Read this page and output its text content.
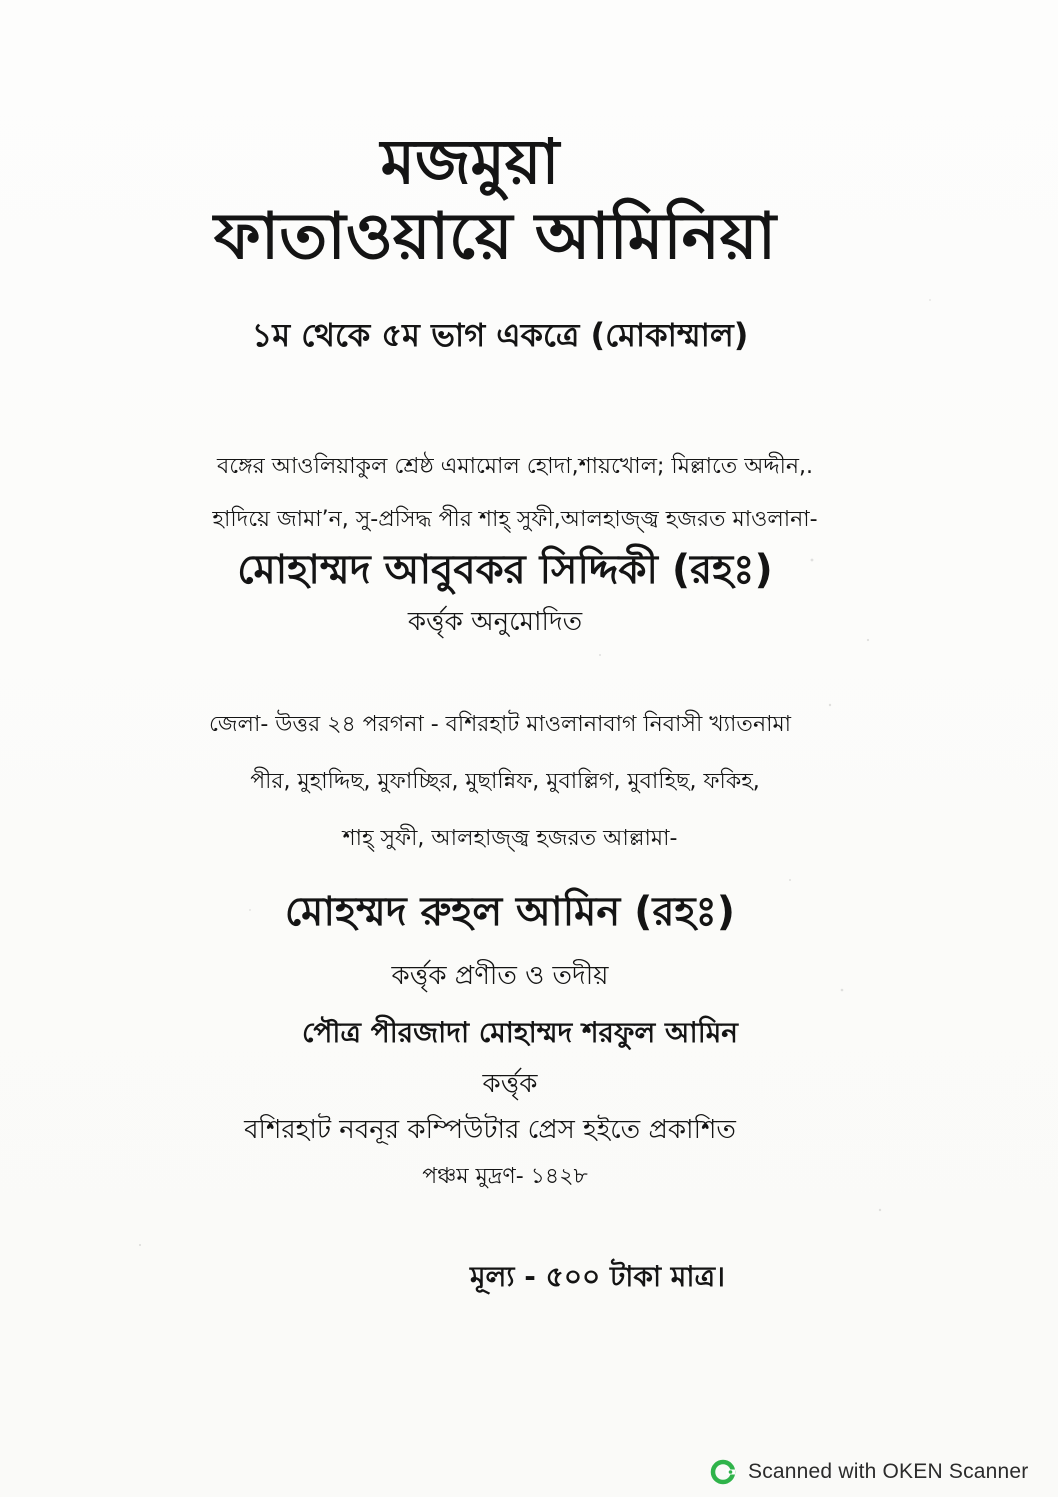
মজমুয়া
ফাতাওয়ায়ে আমিনিয়া
১ম থেকে ৫ম ভাগ একত্রে (মোকাম্মাল)
বঙ্গের আওলিয়াকুল শ্রেষ্ঠ এমামোল হোদা,শায়খোল; মিল্লাতে অদ্দীন,.
হাদিয়ে জামা’ন, সু-প্রসিদ্ধ পীর শাহ্ সুফী,আলহাজ্জ্ব হজরত মাওলানা-
মোহাম্মদ আবুবকর সিদ্দিকী (রহঃ)
কর্ত্তৃক অনুমোদিত
জেলা- উত্তর ২৪ পরগনা - বশিরহাট মাওলানাবাগ নিবাসী খ্যাতনামা
পীর, মুহাদ্দিছ, মুফাচ্ছির, মুছান্নিফ, মুবাল্লিগ, মুবাহিছ, ফকিহ,
শাহ্ সুফী, আলহাজ্জ্ব হজরত আল্লামা-
মোহম্মদ রুহল আমিন (রহঃ)
কর্ত্তৃক প্রণীত ও তদীয়
পৌত্র পীরজাদা মোহাম্মদ শরফুল আমিন
কর্ত্তৃক
বশিরহাট নবনূর কম্পিউটার প্রেস হইতে প্রকাশিত
পঞ্চম মুদ্রণ- ১৪২৮
মূল্য - ৫০০ টাকা মাত্র।
Scanned with OKEN Scanner
